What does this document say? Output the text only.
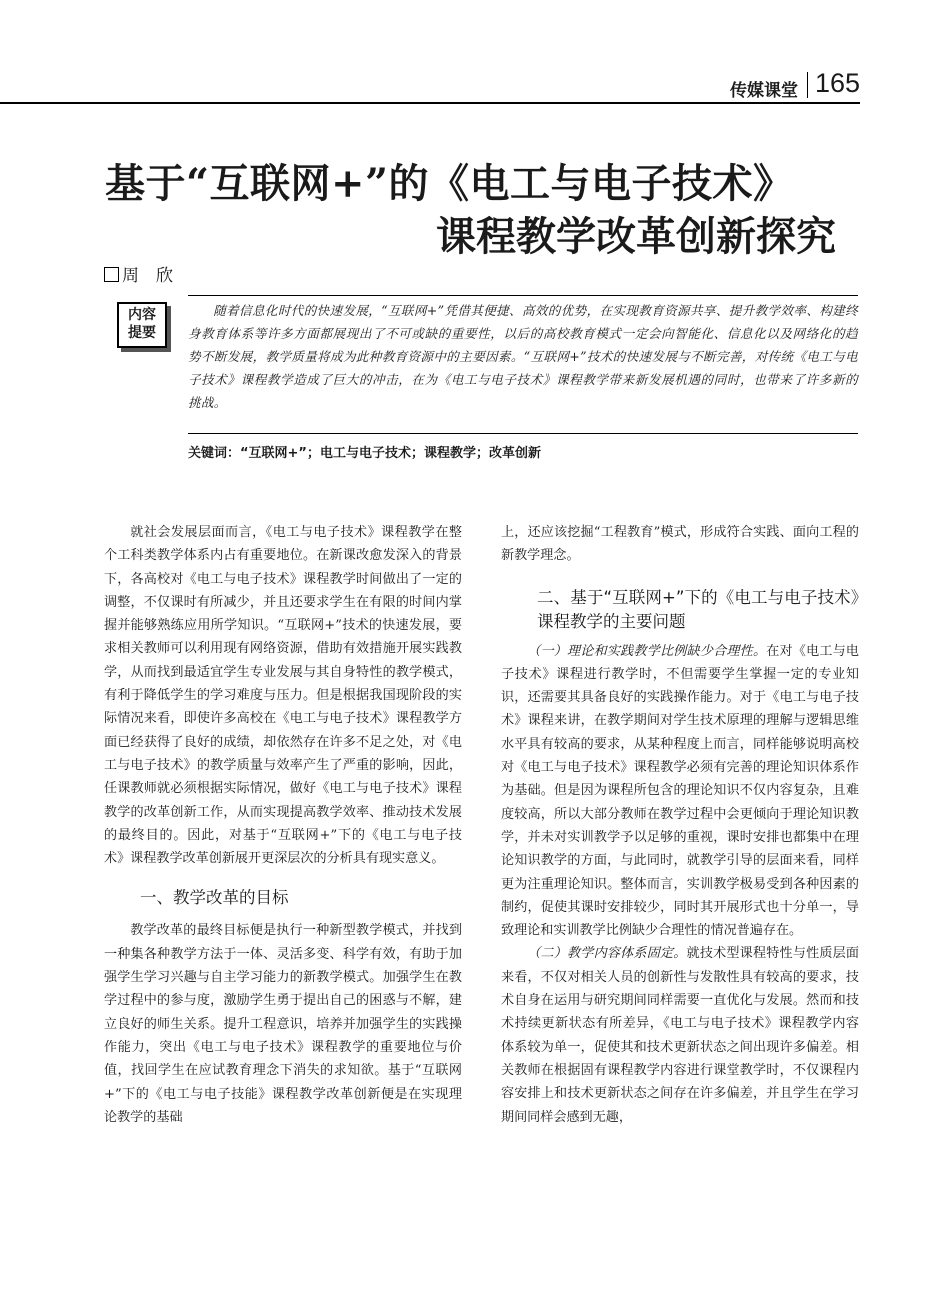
传媒课堂 165
基于“互联网+”的《电工与电子技术》
课程教学改革创新探究
周　欣
内容
提要
随着信息化时代的快速发展，“互联网+”凭借其便捷、高效的优势，在实现教育资源共享、提升教学效率、构建终身教育体系等许多方面都展现出了不可或缺的重要性，以后的高校教育模式一定会向智能化、信息化以及网络化的趋势不断发展，教学质量将成为此种教育资源中的主要因素。“互联网+”技术的快速发展与不断完善，对传统《电工与电子技术》课程教学造成了巨大的冲击，在为《电工与电子技术》课程教学带来新发展机遇的同时，也带来了许多新的挑战。
关键词：“互联网+”；电工与电子技术；课程教学；改革创新

就社会发展层面而言，《电工与电子技术》课程教学在整个工科类教学体系内占有重要地位。在新课改愈发深入的背景下，各高校对《电工与电子技术》课程教学时间做出了一定的调整，不仅课时有所减少，并且还要求学生在有限的时间内掌握并能够熟练应用所学知识。“互联网+”技术的快速发展，要求相关教师可以利用现有网络资源，借助有效措施开展实践教学，从而找到最适宜学生专业发展与其自身特性的教学模式，有利于降低学生的学习难度与压力。但是根据我国现阶段的实际情况来看，即使许多高校在《电工与电子技术》课程教学方面已经获得了良好的成绩，却依然存在许多不足之处，对《电工与电子技术》的教学质量与效率产生了严重的影响，因此，任课教师就必须根据实际情况，做好《电工与电子技术》课程教学的改革创新工作，从而实现提高教学效率、推动技术发展的最终目的。因此，对基于“互联网+”下的《电工与电子技术》课程教学改革创新展开更深层次的分析具有现实意义。

一、教学改革的目标

教学改革的最终目标便是执行一种新型教学模式，并找到一种集各种教学方法于一体、灵活多变、科学有效，有助于加强学生学习兴趣与自主学习能力的新教学模式。加强学生在教学过程中的参与度，激励学生勇于提出自己的困惑与不解，建立良好的师生关系。提升工程意识，培养并加强学生的实践操作能力，突出《电工与电子技术》课程教学的重要地位与价值，找回学生在应试教育理念下消失的求知欲。基于“互联网+”下的《电工与电子技能》课程教学改革创新便是在实现理论教学的基础

上，还应该挖掘“工程教育”模式，形成符合实践、面向工程的新教学理念。

二、基于“互联网+”下的《电工与电子技术》课程教学的主要问题

（一）理论和实践教学比例缺少合理性。在对《电工与电子技术》课程进行教学时，不但需要学生掌握一定的专业知识，还需要其具备良好的实践操作能力。对于《电工与电子技术》课程来讲，在教学期间对学生技术原理的理解与逻辑思维水平具有较高的要求，从某种程度上而言，同样能够说明高校对《电工与电子技术》课程教学必须有完善的理论知识体系作为基础。但是因为课程所包含的理论知识不仅内容复杂，且难度较高，所以大部分教师在教学过程中会更倾向于理论知识教学，并未对实训教学予以足够的重视，课时安排也都集中在理论知识教学的方面，与此同时，就教学引导的层面来看，同样更为注重理论知识。整体而言，实训教学极易受到各种因素的制约，促使其课时安排较少，同时其开展形式也十分单一，导致理论和实训教学比例缺少合理性的情况普遍存在。

（二）教学内容体系固定。就技术型课程特性与性质层面来看，不仅对相关人员的创新性与发散性具有较高的要求，技术自身在运用与研究期间同样需要一直优化与发展。然而和技术持续更新状态有所差异，《电工与电子技术》课程教学内容体系较为单一，促使其和技术更新状态之间出现许多偏差。相关教师在根据固有课程教学内容进行课堂教学时，不仅课程内容安排上和技术更新状态之间存在许多偏差，并且学生在学习期间同样会感到无趣，
